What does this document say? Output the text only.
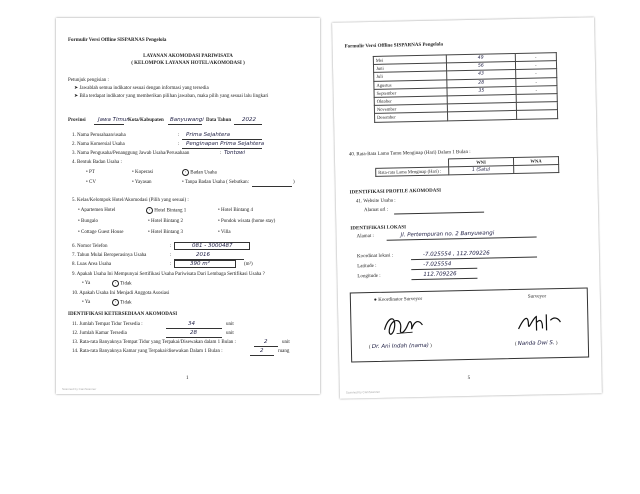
Formulir Versi Offline SISPARNAS Pengelola
LAYANAN AKOMODASI PARIWISATA
( KELOMPOK LAYANAN HOTEL/AKOMODASI )
Petunjuk pengisian :
➤ Jawablah semua indikator sesuai dengan informasi yang tersedia
➤ Bila terdapat indikator yang memberikan pilihan jawaban, maka pilih yang sesuai lalu lingkari
Provinsi Jawa Timur Kota/Kabupaten Banyuwangi Data Tahun 2022
1. Nama Perusahaan/usaha	: Prima Sejahtera
2. Nama Komersial Usaha	: Penginapan Prima Sejahtera
3. Nama Pengusaha/Penanggung Jawab Usaha/Perusahaan	: Tontowi
4. Bentuk Badan Usaha :
• PT	• Koperasi	• Badan Usaha
• CV	• Yayasan	• Tanpa Badan Usaha ( Sebutkan:	)
5. Kelas/Kelompok Hotel/Akomodasi (Pilih yang sesuai) :
• Apartemen Hotel	• Hotel Bintang 1	• Hotel Bintang 4
• Bungalo	• Hotel Bintang 2	• Pondok wisata (home stay)
• Cottage Guest House	• Hotel Bintang 3	• Villa
6. Nomor Telefon	:	081 - 3000487
7. Tahun Mulai Beroperasinya Usaha	:	2016
8. Luas Area Usaha	:	390 m²	(m²)
9. Apakah Usaha Ini Mempunyai Sertifikasi Usaha Pariwisata Dari Lembaga Sertifikasi Usaha ?
• Ya	• Tidak
10. Apakah Usaha Ini Menjadi Anggota Asosiasi
• Ya	• Tidak
IDENTIFIKASI KETERSEDIAAN AKOMODASI
11. Jumlah Tempat Tidur Tersedia :	34	unit
12. Jumlah Kamar Tersedia	28	unit
13. Rata-rata Banyaknya Tempat Tidur yang Terpakai/Disewakan dalam 1 Bulan :	2	unit
14. Rata-rata Banyaknya Kamar yang Terpakai/disewakan Dalam 1 Bulan :	2	ruang
1
Scanned by CamScanner
Formulir Versi Offline SISPARNAS Pengelola
Mei	49	-
Juni	56	-
Juli	43	-
Agustus	28	-
September	35	-
Oktober		
November		
Desember		
40. Rata-Rata Lama Tamu Menginap (Hari) Dalam 1 Bulan :
	WNI	WNA
Rata-rata Lama Menginap (Hari) :	1 (Satu)	
IDENTIFIKASI PROFILE AKOMODASI
41. Website Usaha :
Alamat url :
IDENTIFIKASI LOKASI
Alamat :	Jl. Pertempuran no. 2 Banyuwangi
Koordinat lokasi :	-7.025554 , 112.709226
Latitude :	-7.025554
Longitude :	112.709226
● Koordinator Surveyor	Surveyor
( Dr. Ani Indah (nama) )	( Nanda Dwi S. )
5
Scanned by CamScanner
